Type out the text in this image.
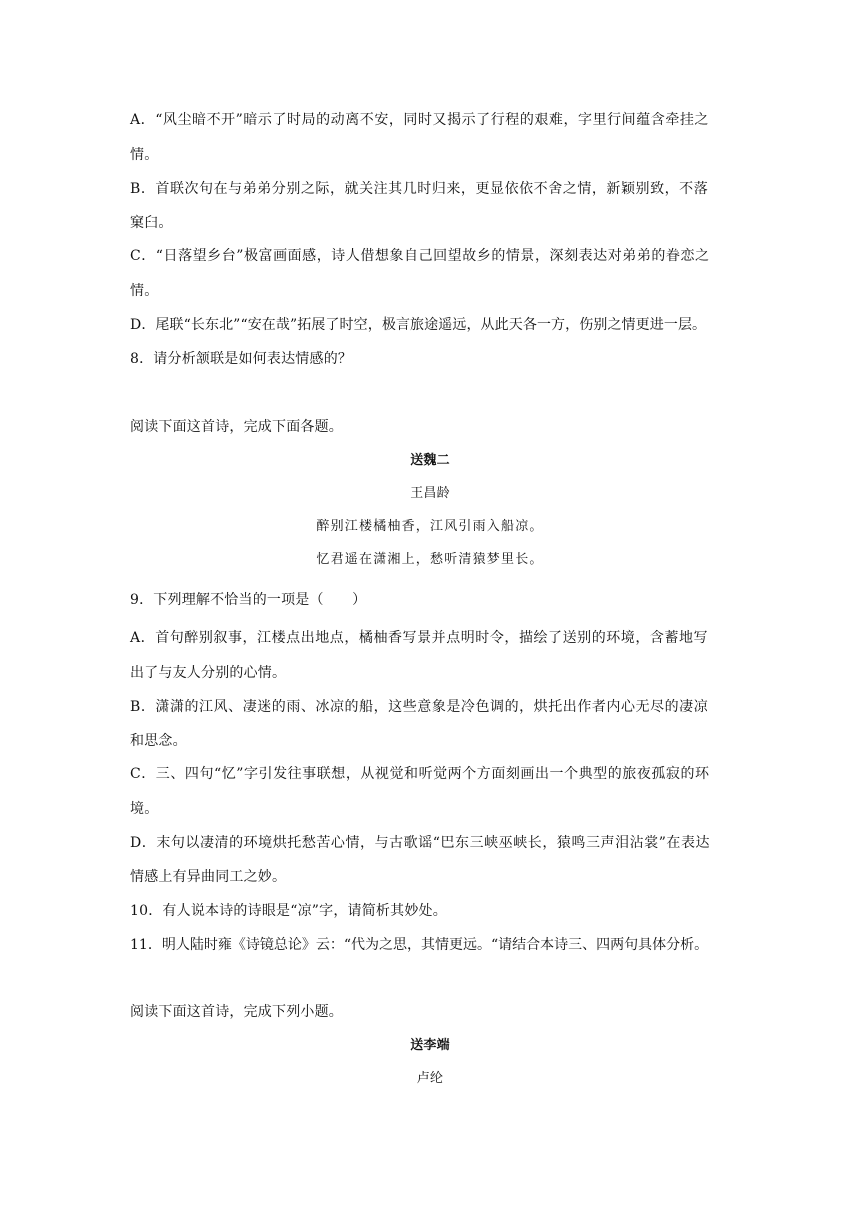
A．“风尘暗不开”暗示了时局的动离不安，同时又揭示了行程的艰难，字里行间蕴含牵挂之
情。
B．首联次句在与弟弟分别之际，就关注其几时归来，更显依依不舍之情，新颖别致，不落
窠臼。
C．“日落望乡台”极富画面感，诗人借想象自己回望故乡的情景，深刻表达对弟弟的眷恋之
情。
D．尾联“长东北”“安在哉”拓展了时空，极言旅途遥远，从此天各一方，伤别之情更进一层。
8．请分析颔联是如何表达情感的？
阅读下面这首诗，完成下面各题。
送魏二
王昌龄
醉别江楼橘柚香，江风引雨入船凉。
忆君遥在潇湘上，愁听清猿梦里长。
9．下列理解不恰当的一项是（　　）
A．首句醉别叙事，江楼点出地点，橘柚香写景并点明时令，描绘了送别的环境，含蓄地写
出了与友人分别的心情。
B．潇潇的江风、凄迷的雨、冰凉的船，这些意象是冷色调的，烘托出作者内心无尽的凄凉
和思念。
C．三、四句“忆”字引发往事联想，从视觉和听觉两个方面刻画出一个典型的旅夜孤寂的环
境。
D．末句以凄清的环境烘托愁苦心情，与古歌谣“巴东三峡巫峡长，猿鸣三声泪沾裳”在表达
情感上有异曲同工之妙。
10．有人说本诗的诗眼是“凉”字，请简析其妙处。
11．明人陆时雍《诗镜总论》云：“代为之思，其情更远。“请结合本诗三、四两句具体分析。
阅读下面这首诗，完成下列小题。
送李端
卢纶
